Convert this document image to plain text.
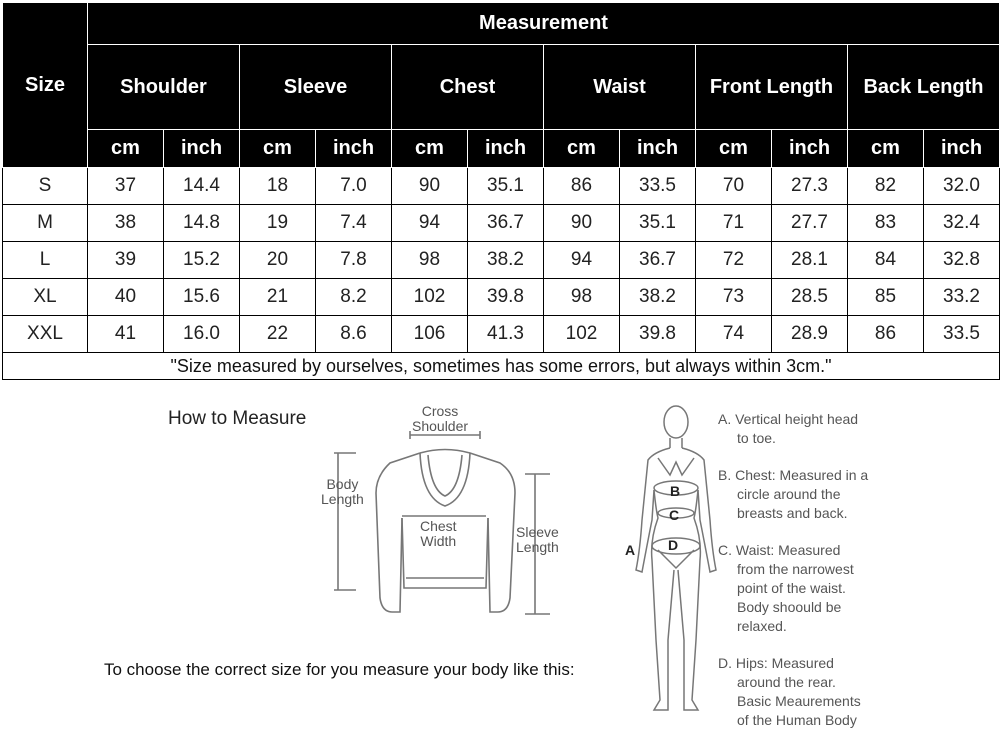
Size	Measurement											
	Shoulder		Sleeve		Chest		Waist		Front Length		Back Length	
	cm	inch	cm	inch	cm	inch	cm	inch	cm	inch	cm	inch
S	37	14.4	18	7.0	90	35.1	86	33.5	70	27.3	82	32.0
M	38	14.8	19	7.4	94	36.7	90	35.1	71	27.7	83	32.4
L	39	15.2	20	7.8	98	38.2	94	36.7	72	28.1	84	32.8
XL	40	15.6	21	8.2	102	39.8	98	38.2	73	28.5	85	33.2
XXL	41	16.0	22	8.6	106	41.3	102	39.8	74	28.9	86	33.5
"Size measured by ourselves, sometimes has some errors, but always within 3cm."												
How to Measure	Cross
Shoulder
Body
Length
Chest
Width
Sleeve
Length
To choose the correct size for you measure your body like this:
B
C
D
A
A. Vertical height head
to toe.
B. Chest: Measured in a
circle around the
breasts and back.
C. Waist: Measured
from the narrowest
point of the waist.
Body shoould be
relaxed.
D. Hips: Measured
around the rear.
Basic Meaurements
of the Human Body
